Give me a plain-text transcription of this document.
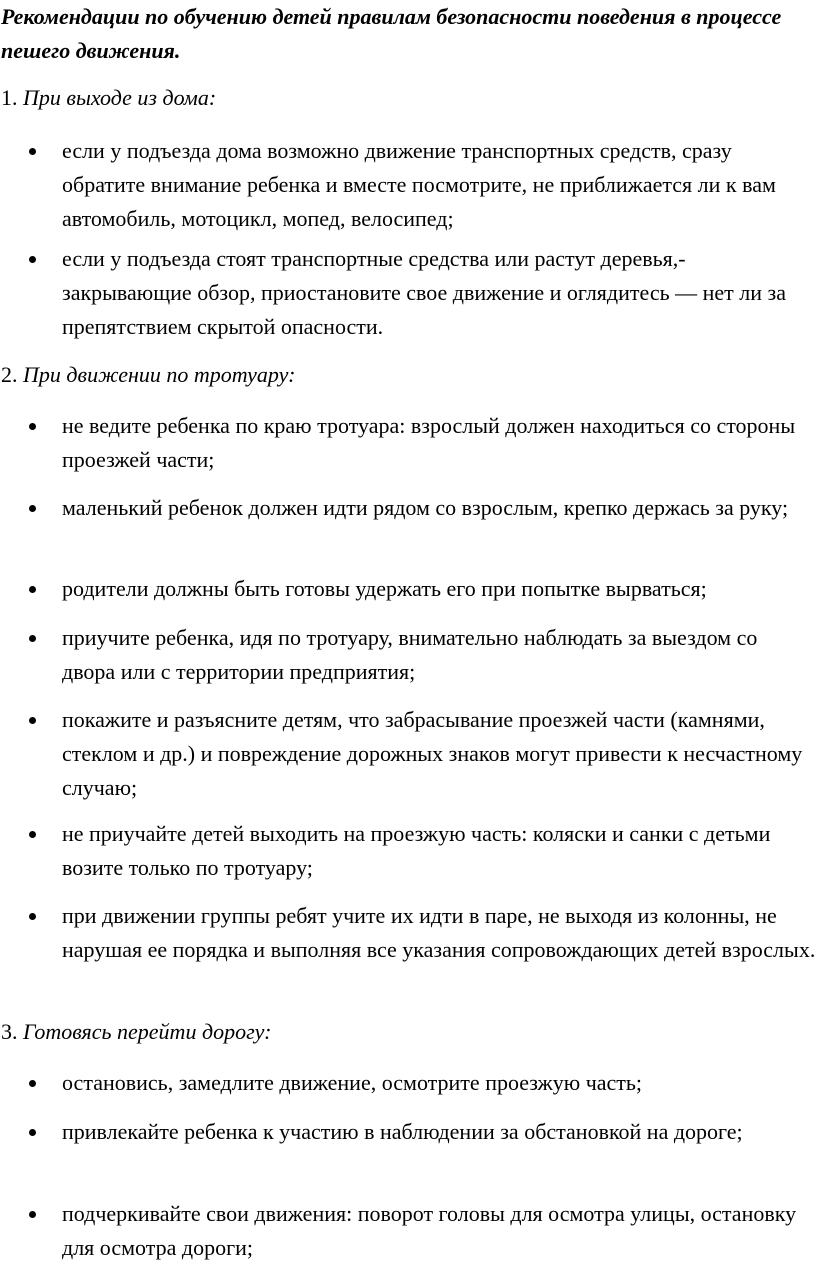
Рекомендации по обучению детей правилам безопасности поведения в процессе пешего движения.
1. При выходе из дома:
если у подъезда дома возможно движение транспортных средств, сразу обратите внимание ребенка и вместе посмотрите, не приближается ли к вам автомобиль, мотоцикл, мопед, велосипед;
если у подъезда стоят транспортные средства или растут деревья,- закрывающие обзор, приостановите свое движение и оглядитесь — нет ли за препятствием скрытой опасности.
2. При движении по тротуару:
не ведите ребенка по краю тротуара: взрослый должен находиться со стороны проезжей части;
маленький ребенок должен идти рядом со взрослым, крепко держась за руку;
родители должны быть готовы удержать его при попытке вырваться;
приучите ребенка, идя по тротуару, внимательно наблюдать за выездом со двора или с территории предприятия;
покажите и разъясните детям, что забрасывание проезжей части (камнями, стеклом и др.) и повреждение дорожных знаков могут привести к несчастному случаю;
не приучайте детей выходить на проезжую часть: коляски и санки с детьми возите только по тротуару;
при движении группы ребят учите их идти в паре, не выходя из колонны, не нарушая ее порядка и выполняя все указания сопровождающих детей взрослых.
3. Готовясь перейти дорогу:
остановись, замедлите движение, осмотрите проезжую часть;
привлекайте ребенка к участию в наблюдении за обстановкой на дороге;
подчеркивайте свои движения: поворот головы для осмотра улицы, остановку для осмотра дороги;
